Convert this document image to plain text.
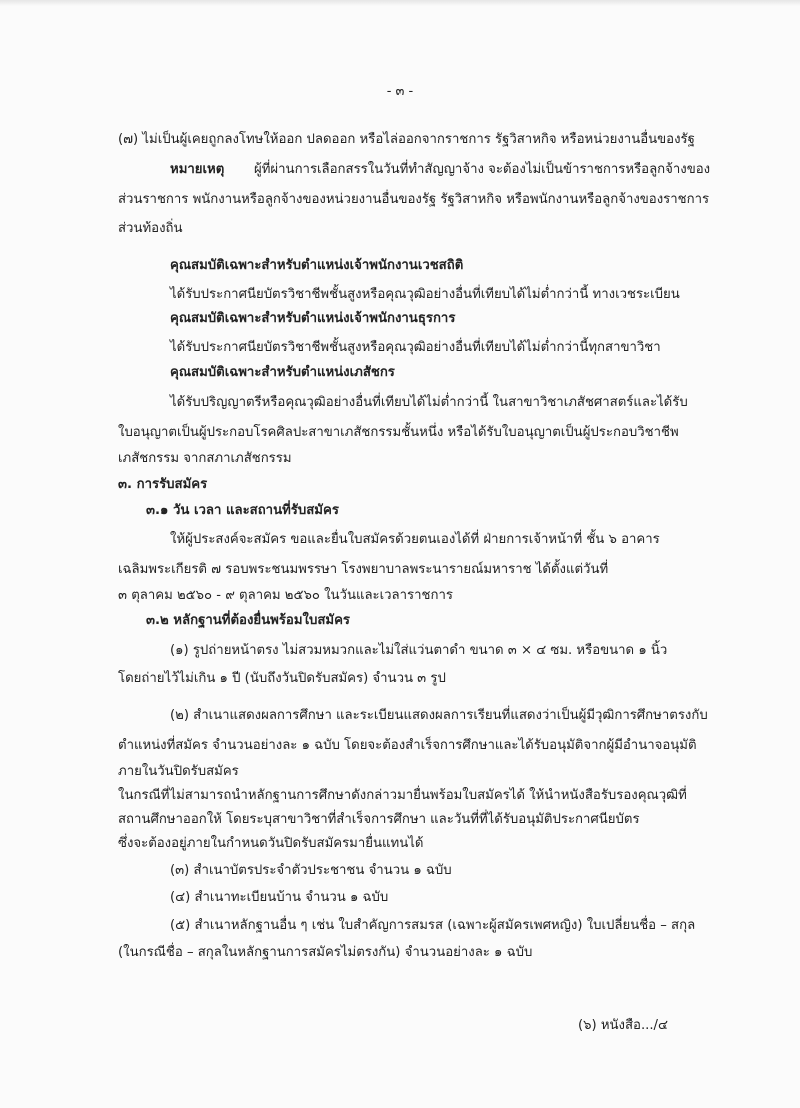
- ๓ -
(๗) ไม่เป็นผู้เคยถูกลงโทษให้ออก ปลดออก หรือไล่ออกจากราชการ รัฐวิสาหกิจ หรือหน่วยงานอื่นของรัฐ
หมายเหตุ ผู้ที่ผ่านการเลือกสรรในวันที่ทำสัญญาจ้าง จะต้องไม่เป็นข้าราชการหรือลูกจ้างของ
ส่วนราชการ พนักงานหรือลูกจ้างของหน่วยงานอื่นของรัฐ รัฐวิสาหกิจ หรือพนักงานหรือลูกจ้างของราชการ
ส่วนท้องถิ่น
คุณสมบัติเฉพาะสำหรับตำแหน่งเจ้าพนักงานเวชสถิติ
ได้รับประกาศนียบัตรวิชาชีพชั้นสูงหรือคุณวุฒิอย่างอื่นที่เทียบได้ไม่ต่ำกว่านี้ ทางเวชระเบียน
คุณสมบัติเฉพาะสำหรับตำแหน่งเจ้าพนักงานธุรการ
ได้รับประกาศนียบัตรวิชาชีพชั้นสูงหรือคุณวุฒิอย่างอื่นที่เทียบได้ไม่ต่ำกว่านี้ทุกสาขาวิชา
คุณสมบัติเฉพาะสำหรับตำแหน่งเภสัชกร
ได้รับปริญญาตรีหรือคุณวุฒิอย่างอื่นที่เทียบได้ไม่ต่ำกว่านี้ ในสาขาวิชาเภสัชศาสตร์และได้รับ
ใบอนุญาตเป็นผู้ประกอบโรคศิลปะสาขาเภสัชกรรมชั้นหนึ่ง หรือได้รับใบอนุญาตเป็นผู้ประกอบวิชาชีพ
เภสัชกรรม จากสภาเภสัชกรรม
๓. การรับสมัคร
๓.๑ วัน เวลา และสถานที่รับสมัคร
ให้ผู้ประสงค์จะสมัคร ขอและยื่นใบสมัครด้วยตนเองได้ที่ ฝ่ายการเจ้าหน้าที่ ชั้น ๖ อาคาร
เฉลิมพระเกียรติ ๗ รอบพระชนมพรรษา โรงพยาบาลพระนารายณ์มหาราช ได้ตั้งแต่วันที่
๓ ตุลาคม ๒๕๖๐ - ๙ ตุลาคม ๒๕๖๐ ในวันและเวลาราชการ
๓.๒ หลักฐานที่ต้องยื่นพร้อมใบสมัคร
(๑) รูปถ่ายหน้าตรง ไม่สวมหมวกและไม่ใส่แว่นตาดำ ขนาด ๓ × ๔ ซม. หรือขนาด ๑ นิ้ว
โดยถ่ายไว้ไม่เกิน ๑ ปี (นับถึงวันปิดรับสมัคร) จำนวน ๓ รูป
(๒) สำเนาแสดงผลการศึกษา และระเบียนแสดงผลการเรียนที่แสดงว่าเป็นผู้มีวุฒิการศึกษาตรงกับ
ตำแหน่งที่สมัคร จำนวนอย่างละ ๑ ฉบับ โดยจะต้องสำเร็จการศึกษาและได้รับอนุมัติจากผู้มีอำนาจอนุมัติ
ภายในวันปิดรับสมัคร
ในกรณีที่ไม่สามารถนำหลักฐานการศึกษาดังกล่าวมายื่นพร้อมใบสมัครได้ ให้นำหนังสือรับรองคุณวุฒิที่
สถานศึกษาออกให้ โดยระบุสาขาวิชาที่สำเร็จการศึกษา และวันที่ที่ได้รับอนุมัติประกาศนียบัตร
ซึ่งจะต้องอยู่ภายในกำหนดวันปิดรับสมัครมายื่นแทนได้
(๓) สำเนาบัตรประจำตัวประชาชน จำนวน ๑ ฉบับ
(๔) สำเนาทะเบียนบ้าน จำนวน ๑ ฉบับ
(๕) สำเนาหลักฐานอื่น ๆ เช่น ใบสำคัญการสมรส (เฉพาะผู้สมัครเพศหญิง) ใบเปลี่ยนชื่อ – สกุล
(ในกรณีชื่อ – สกุลในหลักฐานการสมัครไม่ตรงกัน) จำนวนอย่างละ ๑ ฉบับ
(๖) หนังสือ.../๔
